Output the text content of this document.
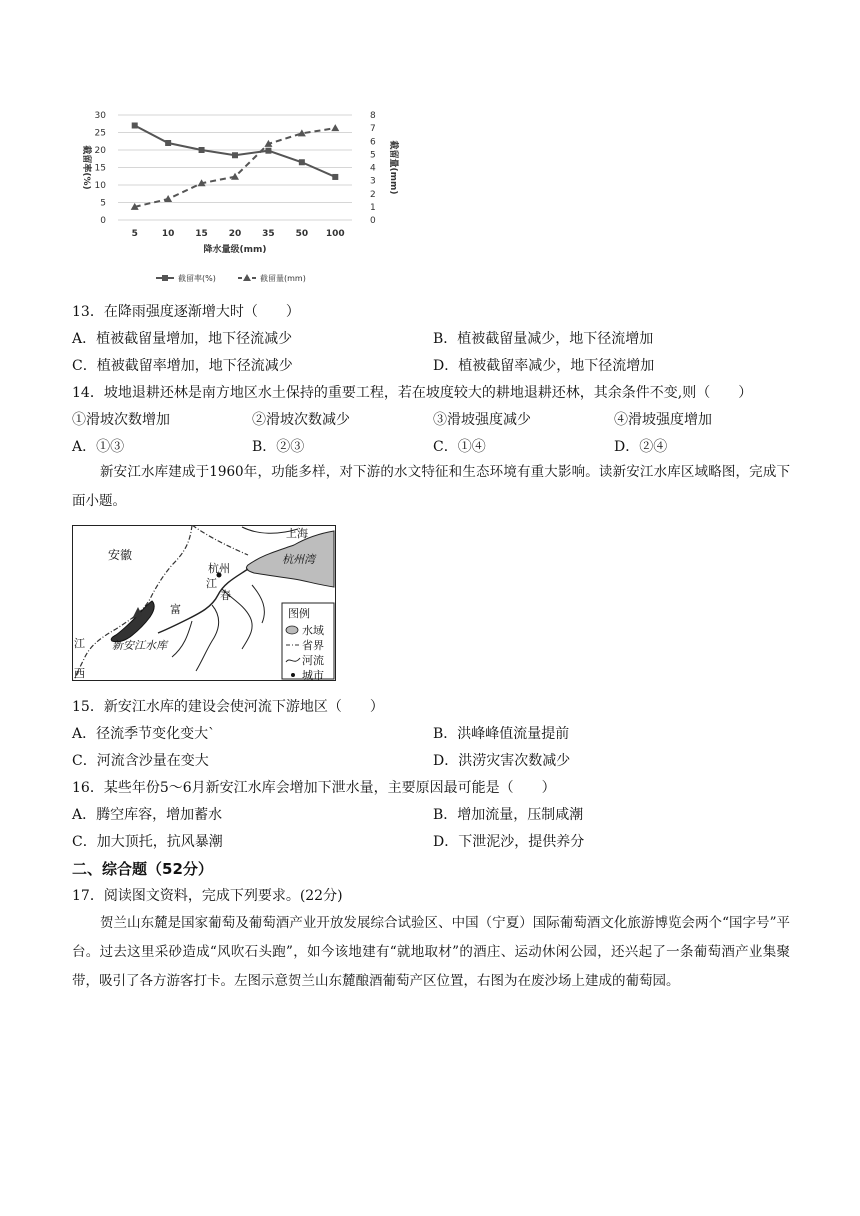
0
5
10
15
20
25
30
0
1
2
3
4
5
6
7
8
5	10 15 20 35 50 100
降水量级(mm)
截留率(%)	截留量(mm)
截留率(%)	截留量(mm)
13．在降雨强度逐渐增大时（　　）
A．植被截留量增加，地下径流减少	B．植被截留量减少，地下径流增加
C．植被截留率增加，地下径流减少	D．植被截留率减少，地下径流增加
14．坡地退耕还林是南方地区水土保持的重要工程，若在坡度较大的耕地退耕还林，其余条件不变,则（　　）
①滑坡次数增加	②滑坡次数减少	③滑坡强度减少	④滑坡强度增加
A．①③	B．②③	C．①④	D．②④
新安江水库建成于1960年，功能多样，对下游的水文特征和生态环境有重大影响。读新安江水库区域略图，完成下面小题。
图例
水域
省界
河流
城市
安徽
上海
杭州
杭州湾
江
春
富
新安江水库
江
西
15．新安江水库的建设会使河流下游地区（　　）
A．径流季节变化变大`	B．洪峰峰值流量提前
C．河流含沙量在变大	D．洪涝灾害次数减少
16．某些年份5～6月新安江水库会增加下泄水量，主要原因最可能是（　　）
A．腾空库容，增加蓄水	B．增加流量，压制咸潮
C．加大顶托，抗风暴潮	D．下泄泥沙，提供养分
二、综合题（52分）
17．阅读图文资料，完成下列要求。(22分)
贺兰山东麓是国家葡萄及葡萄酒产业开放发展综合试验区、中国（宁夏）国际葡萄酒文化旅游博览会两个“国字号”平台。过去这里采砂造成“风吹石头跑”，如今该地建有“就地取材”的酒庄、运动休闲公园，还兴起了一条葡萄酒产业集聚带，吸引了各方游客打卡。左图示意贺兰山东麓酿酒葡萄产区位置，右图为在废沙场上建成的葡萄园。
